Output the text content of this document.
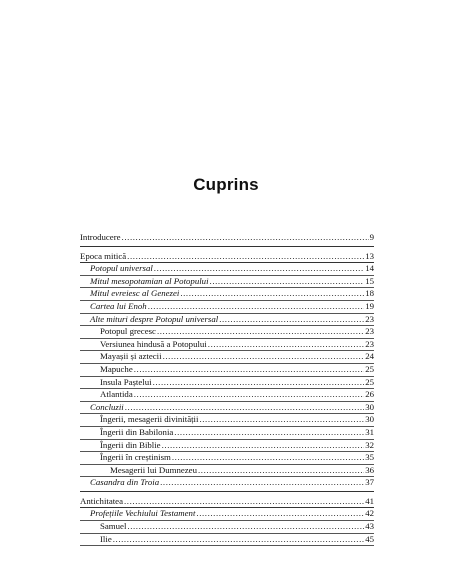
Cuprins
Introducere .....	9
Epoca mitică .....	13
Potopul universal .....	14
Mitul mesopotamian al Potopului .....	15
Mitul evreiesc al Genezei .....	18
Cartea lui Enoh .....	19
Alte mituri despre Potopul universal .....	23
Potopul grecesc .....	23
Versiunea hindusă a Potopului .....	23
Mayașii și aztecii .....	24
Mapuche .....	25
Insula Paștelui .....	25
Atlantida .....	26
Concluzii .....	30
Îngerii, mesagerii divinității .....	30
Îngerii din Babilonia .....	31
Îngerii din Biblie .....	32
Îngerii în creștinism .....	35
Mesagerii lui Dumnezeu .....	36
Casandra din Troia .....	37
Antichitatea .....	41
Profețiile Vechiului Testament .....	42
Samuel .....	43
Ilie .....	45
